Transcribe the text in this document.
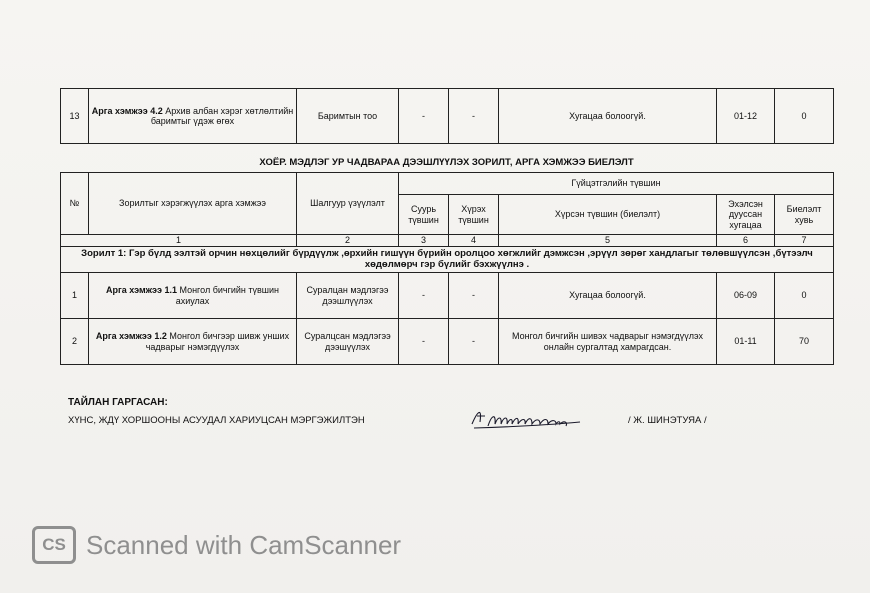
13	Арга хэмжээ 4.2 Архив албан хэрэг хөтлөлтийн баримтыг үдэж өгөх	Баримтын тоо	-	-	Хугацаа болоогүй.	01-12	0
ХОЁР. МЭДЛЭГ УР ЧАДВАРАА ДЭЭШЛҮҮЛЭХ ЗОРИЛТ, АРГА ХЭМЖЭЭ БИЕЛЭЛТ
№	Зорилтыг хэрэгжүүлэх арга хэмжээ	Шалгуур үзүүлэлт	Гүйцэтгэлийн түвшин				
			Суурь түвшин	Хүрэх түвшин	Хүрсэн түвшин (биелэлт)	Эхэлсэн дууссан хугацаа	Биелэлт хувь
1		2	3	4	5	6	7
Зорилт 1: Гэр бүлд ээлтэй орчин нөхцөлийг бүрдүүлж ,өрхийн гишүүн бүрийн оролцоо хөгжлийг дэмжсэн ,эрүүл зөрөг хандлагыг төлөвшүүлсэн ,бүтээлч хөдөлмөрч гэр бүлийг бэхжүүлнэ .							
1	Арга хэмжээ 1.1 Монгол бичгийн түвшин ахиулах	Суралцан мэдлэгээ дээшлүүлэх	-	-	Хугацаа болоогүй.	06-09	0
2	Арга хэмжээ 1.2 Монгол бичгээр шивж унших чадварыг нэмэгдүүлэх	Суралцсан мэдлэгээ дээшүүлэх	-	-	Монгол бичгийн шивэх чадварыг нэмэгдүүлэх онлайн сургалтад хамрагдсан.	01-11	70
ТАЙЛАН ГАРГАСАН:
ХҮНС, ЖДҮ ХОРШООНЫ АСУУДАЛ ХАРИУЦСАН МЭРГЭЖИЛТЭН	/ Ж. ШИНЭТУЯА /
CS Scanned with CamScanner
